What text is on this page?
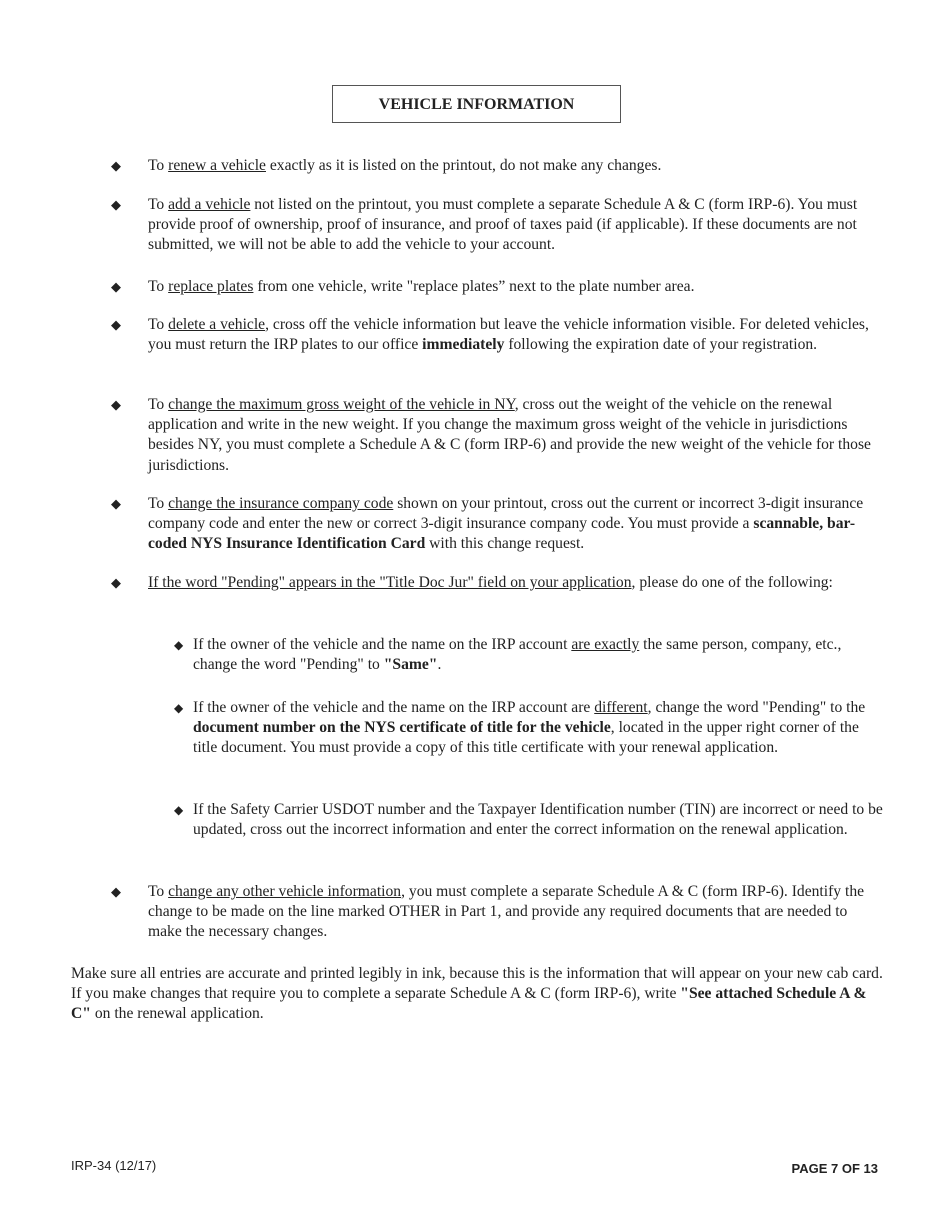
VEHICLE INFORMATION
◆ To renew a vehicle exactly as it is listed on the printout, do not make any changes.
◆ To add a vehicle not listed on the printout, you must complete a separate Schedule A & C (form IRP-6). You must provide proof of ownership, proof of insurance, and proof of taxes paid (if applicable). If these documents are not submitted, we will not be able to add the vehicle to your account.
◆ To replace plates from one vehicle, write "replace plates” next to the plate number area.
◆ To delete a vehicle, cross off the vehicle information but leave the vehicle information visible. For deleted vehicles, you must return the IRP plates to our office immediately following the expiration date of your registration.
◆ To change the maximum gross weight of the vehicle in NY, cross out the weight of the vehicle on the renewal application and write in the new weight. If you change the maximum gross weight of the vehicle in jurisdictions besides NY, you must complete a Schedule A & C (form IRP-6) and provide the new weight of the vehicle for those jurisdictions.
◆ To change the insurance company code shown on your printout, cross out the current or incorrect 3-digit insurance company code and enter the new or correct 3-digit insurance company code. You must provide a scannable, bar-coded NYS Insurance Identification Card with this change request.
◆ If the word "Pending" appears in the "Title Doc Jur" field on your application, please do one of the following:
◆ If the owner of the vehicle and the name on the IRP account are exactly the same person, company, etc., change the word "Pending" to "Same".
◆ If the owner of the vehicle and the name on the IRP account are different, change the word "Pending" to the document number on the NYS certificate of title for the vehicle, located in the upper right corner of the title document. You must provide a copy of this title certificate with your renewal application.
◆ If the Safety Carrier USDOT number and the Taxpayer Identification number (TIN) are incorrect or need to be updated, cross out the incorrect information and enter the correct information on the renewal application.
◆ To change any other vehicle information, you must complete a separate Schedule A & C (form IRP-6). Identify the change to be made on the line marked OTHER in Part 1, and provide any required documents that are needed to make the necessary changes.
Make sure all entries are accurate and printed legibly in ink, because this is the information that will appear on your new cab card. If you make changes that require you to complete a separate Schedule A & C (form IRP-6), write "See attached Schedule A & C" on the renewal application.
IRP-34 (12/17)	PAGE 7 OF 13
